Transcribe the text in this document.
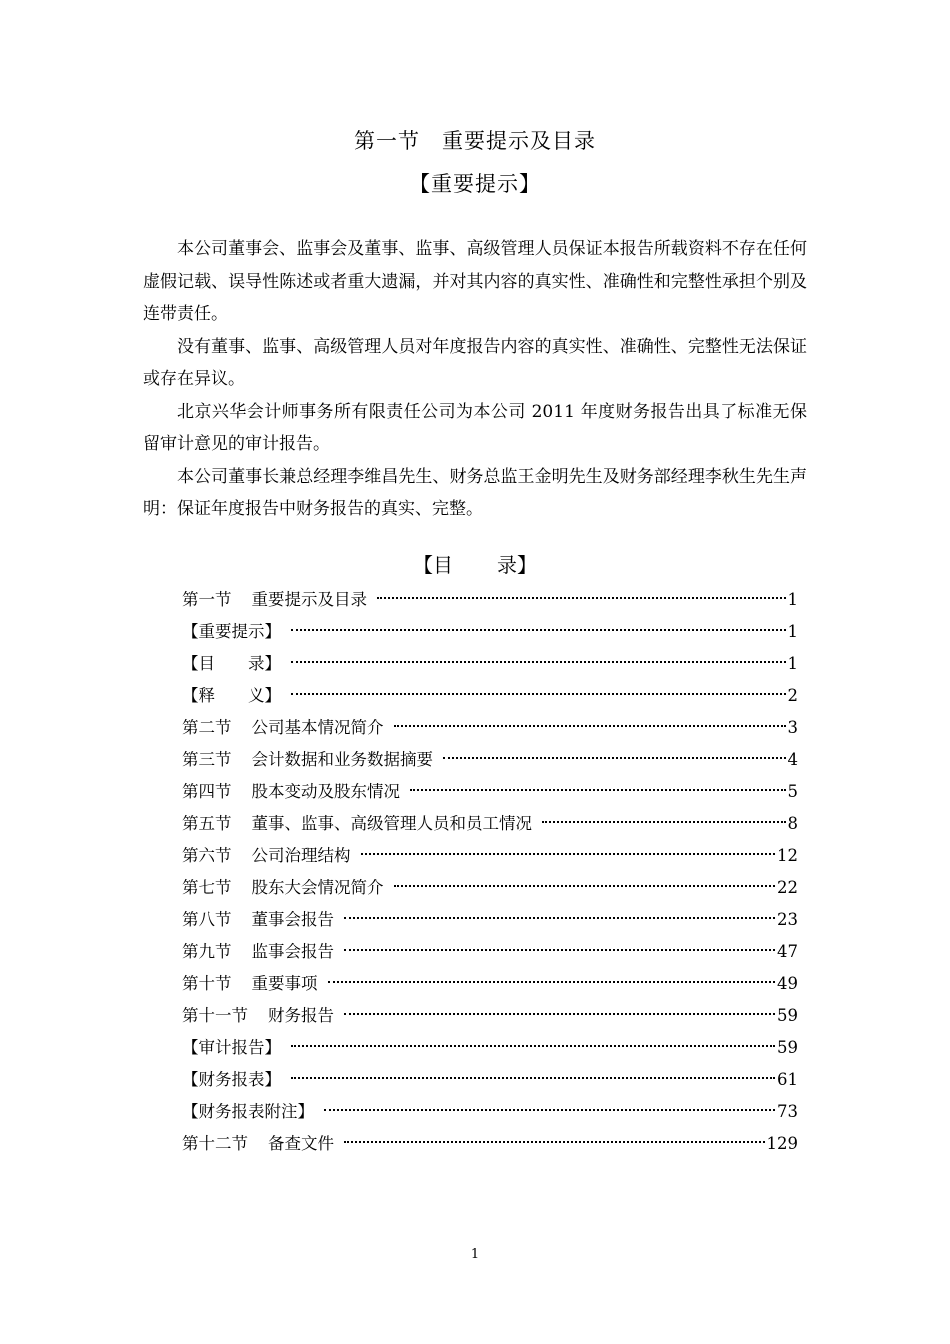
第一节 重要提示及目录
【重要提示】

本公司董事会、监事会及董事、监事、高级管理人员保证本报告所载资料不存在任何虚假记载、误导性陈述或者重大遗漏，并对其内容的真实性、准确性和完整性承担个别及连带责任。

没有董事、监事、高级管理人员对年度报告内容的真实性、准确性、完整性无法保证或存在异议。

北京兴华会计师事务所有限责任公司为本公司 2011 年度财务报告出具了标准无保留审计意见的审计报告。

本公司董事长兼总经理李维昌先生、财务总监王金明先生及财务部经理李秋生先生声明：保证年度报告中财务报告的真实、完整。

【目 录】
第一节 重要提示及目录	1
【重要提示】	1
【目　　录】	1
【释　　义】	2
第二节 公司基本情况简介	3
第三节 会计数据和业务数据摘要	4
第四节 股本变动及股东情况	5
第五节 董事、监事、高级管理人员和员工情况	8
第六节 公司治理结构	12
第七节 股东大会情况简介	22
第八节 董事会报告	23
第九节 监事会报告	47
第十节 重要事项	49
第十一节 财务报告	59
【审计报告】	59
【财务报表】	61
【财务报表附注】	73
第十二节 备查文件	129
1
